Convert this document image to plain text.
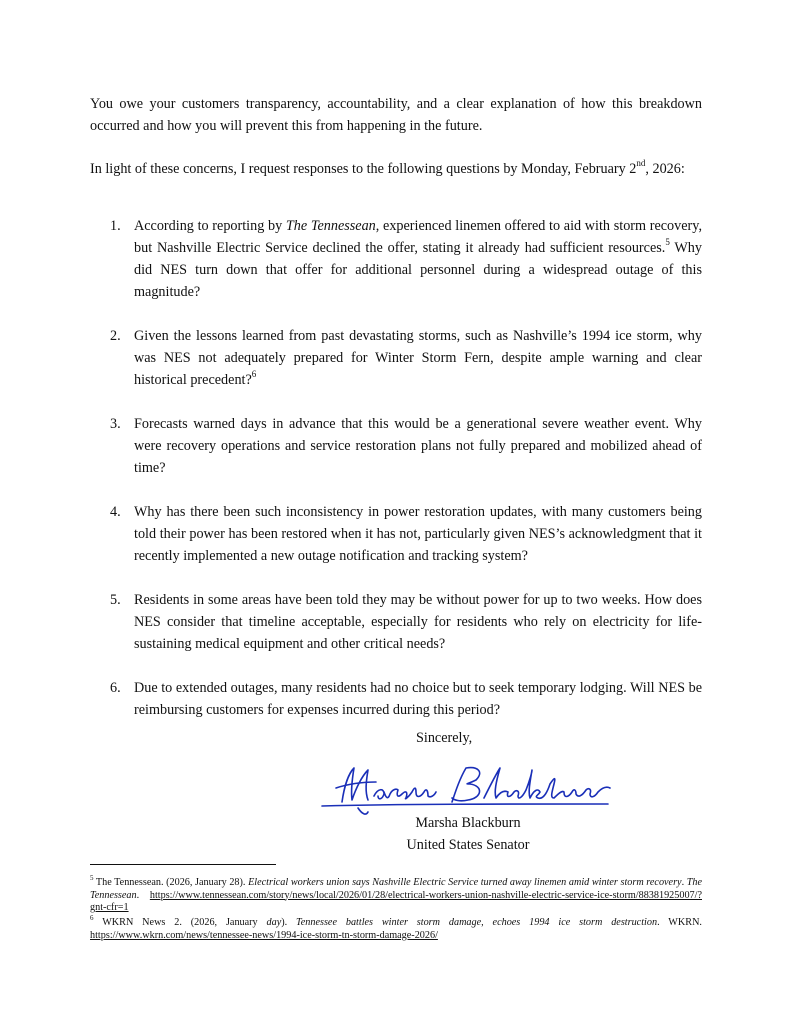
You owe your customers transparency, accountability, and a clear explanation of how this breakdown occurred and how you will prevent this from happening in the future.

In light of these concerns, I request responses to the following questions by Monday, February 2nd, 2026:

1. According to reporting by The Tennessean, experienced linemen offered to aid with storm recovery, but Nashville Electric Service declined the offer, stating it already had sufficient resources.$^5$ Why did NES turn down that offer for additional personnel during a widespread outage of this magnitude?
2. Given the lessons learned from past devastating storms, such as Nashville’s 1994 ice storm, why was NES not adequately prepared for Winter Storm Fern, despite ample warning and clear historical precedent?$^6$
3. Forecasts warned days in advance that this would be a generational severe weather event. Why were recovery operations and service restoration plans not fully prepared and mobilized ahead of time?
4. Why has there been such inconsistency in power restoration updates, with many customers being told their power has been restored when it has not, particularly given NES’s acknowledgment that it recently implemented a new outage notification and tracking system?
5. Residents in some areas have been told they may be without power for up to two weeks. How does NES consider that timeline acceptable, especially for residents who rely on electricity for life-sustaining medical equipment and other critical needs?
6. Due to extended outages, many residents had no choice but to seek temporary lodging. Will NES be reimbursing customers for expenses incurred during this period?
Sincerely,
Marsha Blackburn
United States Senator
$^5$ The Tennessean. (2026, January 28). Electrical workers union says Nashville Electric Service turned away linemen amid winter storm recovery. The Tennessean. https://www.tennessean.com/story/news/local/2026/01/28/electrical-workers-union-nashville-electric-service-ice-storm/88381925007/?gnt-cfr=1
$^6$ WKRN News 2. (2026, January day). Tennessee battles winter storm damage, echoes 1994 ice storm destruction. WKRN. https://www.wkrn.com/news/tennessee-news/1994-ice-storm-tn-storm-damage-2026/
